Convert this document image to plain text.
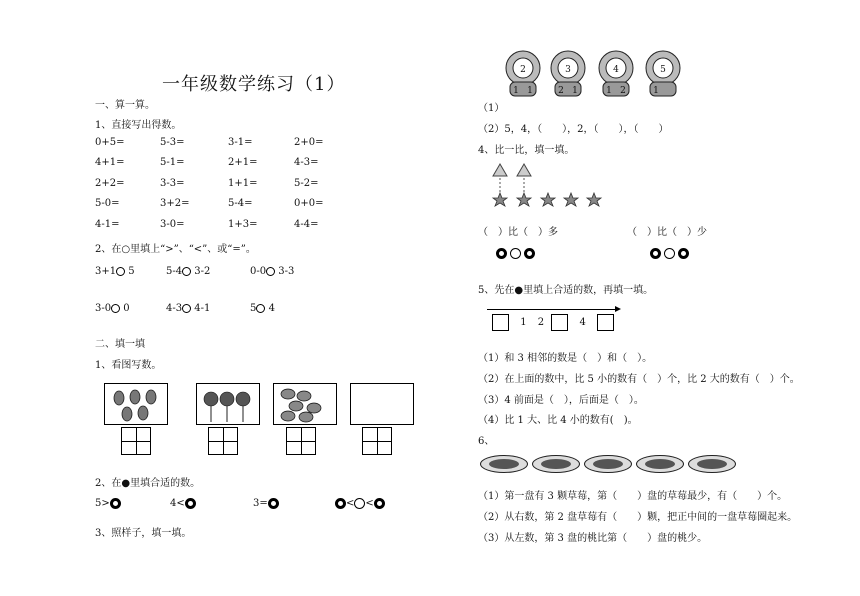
一年级数学练习（1）
一、算一算。
1、直接写出得数。
0+5=	5-3=	3-1=	2+0=
4+1=	5-1=	2+1=	4-3=
2+2=	3-3=	1+1=	5-2=
5-0=	3+2=	5-4=	0+0=
4-1=	3-0=	1+3=	4-4=
2、在○里填上“>”、“<”、或“=”。
3+1 5	5-4 3-2	0-0 3-3
3-0 0	4-3 4-1	5 4
二、填一填
1、看图写数。
2、在●里填合适的数。
5>	4<	3=	< <
3、照样子，填一填。
2	3	4	5
1 1	2 1	1 2	1
（1）
（2）5，4，（　　），2，（　　），（　　）
4、比一比，填一填。
（　）比（　）多	（　）比（　）少

5、先在●里填上合适的数，再填一填。
1 2	4
（1）和 3 相邻的数是（　）和（　）。
（2）在上面的数中，比 5 小的数有（　）个，比 2 大的数有（　）个。
（3）4 前面是（　），后面是（　）。
（4）比 1 大、比 4 小的数有(　)。
6、
（1）第一盘有 3 颗草莓，第（　　）盘的草莓最少，有（　　）个。
（2）从右数，第 2 盘草莓有（　　）颗，把正中间的一盘草莓圈起来。
（3）从左数，第 3 盘的桃比第（　　）盘的桃少。
